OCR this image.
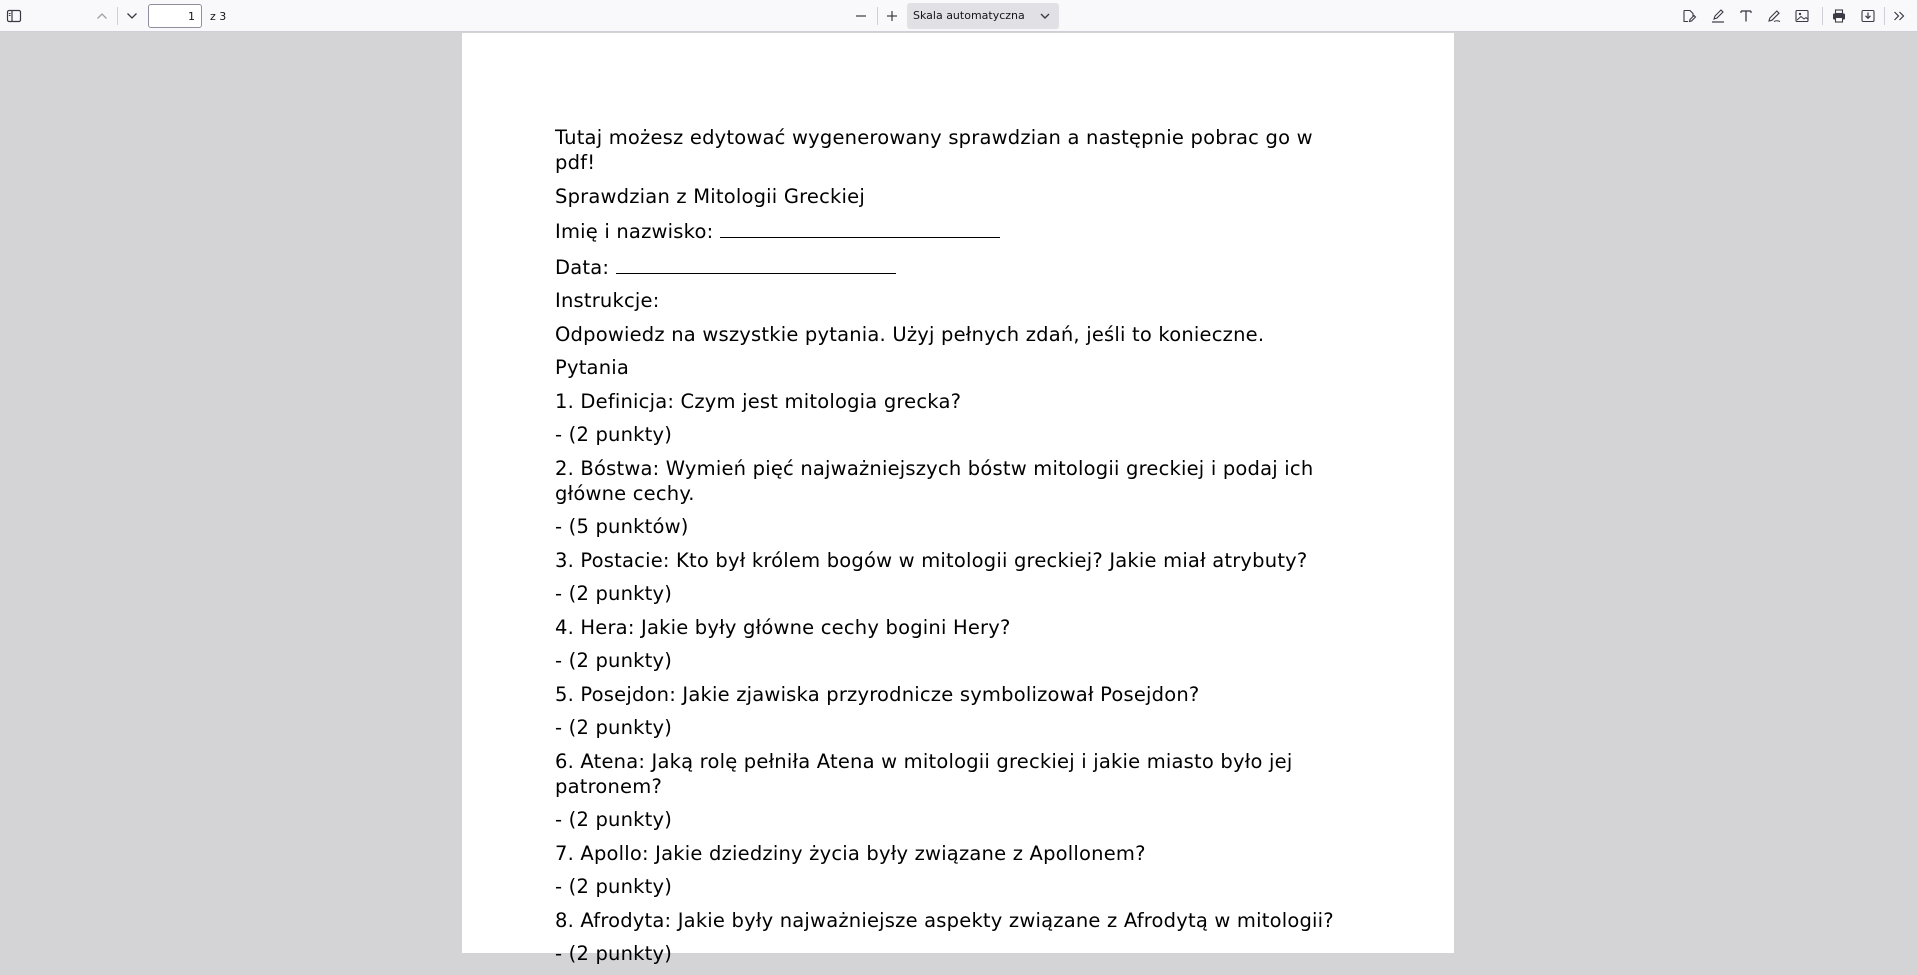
1
z 3	Skala automatyczna

Tutaj możesz edytować wygenerowany sprawdzian a następnie pobrac go w pdf!

Sprawdzian z Mitologii Greckiej

Imię i nazwisko:

Data:

Instrukcje:

Odpowiedz na wszystkie pytania. Użyj pełnych zdań, jeśli to konieczne.

Pytania

1. Definicja: Czym jest mitologia grecka?

- (2 punkty)

2. Bóstwa: Wymień pięć najważniejszych bóstw mitologii greckiej i podaj ich główne cechy.

- (5 punktów)

3. Postacie: Kto był królem bogów w mitologii greckiej? Jakie miał atrybuty?

- (2 punkty)

4. Hera: Jakie były główne cechy bogini Hery?

- (2 punkty)

5. Posejdon: Jakie zjawiska przyrodnicze symbolizował Posejdon?

- (2 punkty)

6. Atena: Jaką rolę pełniła Atena w mitologii greckiej i jakie miasto było jej patronem?

- (2 punkty)

7. Apollo: Jakie dziedziny życia były związane z Apollonem?

- (2 punkty)

8. Afrodyta: Jakie były najważniejsze aspekty związane z Afrodytą w mitologii?

- (2 punkty)
